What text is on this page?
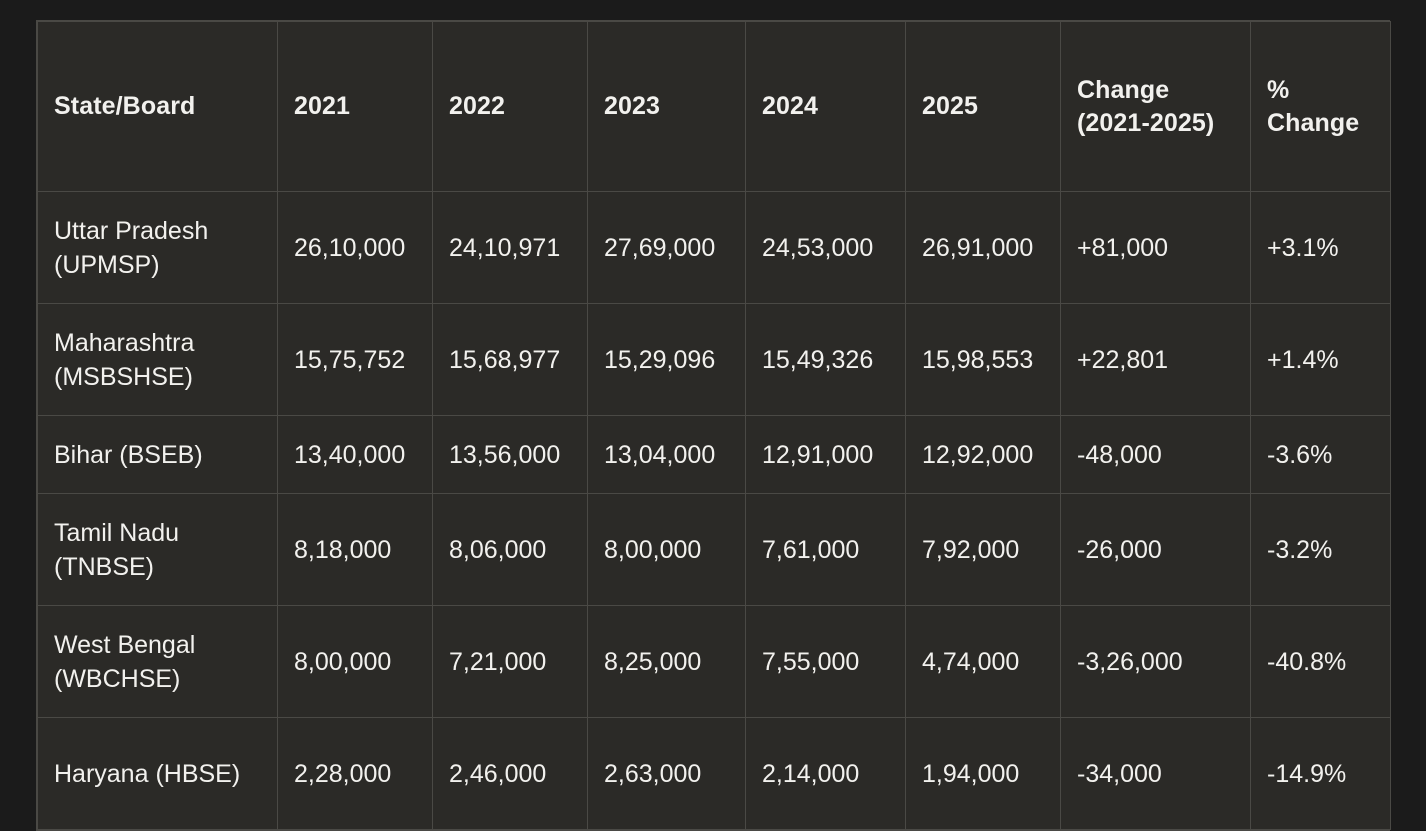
State/Board	2021	2022	2023	2024	2025	Change (2021-2025)	% Change
Uttar Pradesh (UPMSP)	26,10,000	24,10,971	27,69,000	24,53,000	26,91,000	+81,000	+3.1%
Maharashtra (MSBSHSE)	15,75,752	15,68,977	15,29,096	15,49,326	15,98,553	+22,801	+1.4%
Bihar (BSEB)	13,40,000	13,56,000	13,04,000	12,91,000	12,92,000	-48,000	-3.6%
Tamil Nadu (TNBSE)	8,18,000	8,06,000	8,00,000	7,61,000	7,92,000	-26,000	-3.2%
West Bengal (WBCHSE)	8,00,000	7,21,000	8,25,000	7,55,000	4,74,000	-3,26,000	-40.8%
Haryana (HBSE)	2,28,000	2,46,000	2,63,000	2,14,000	1,94,000	-34,000	-14.9%
